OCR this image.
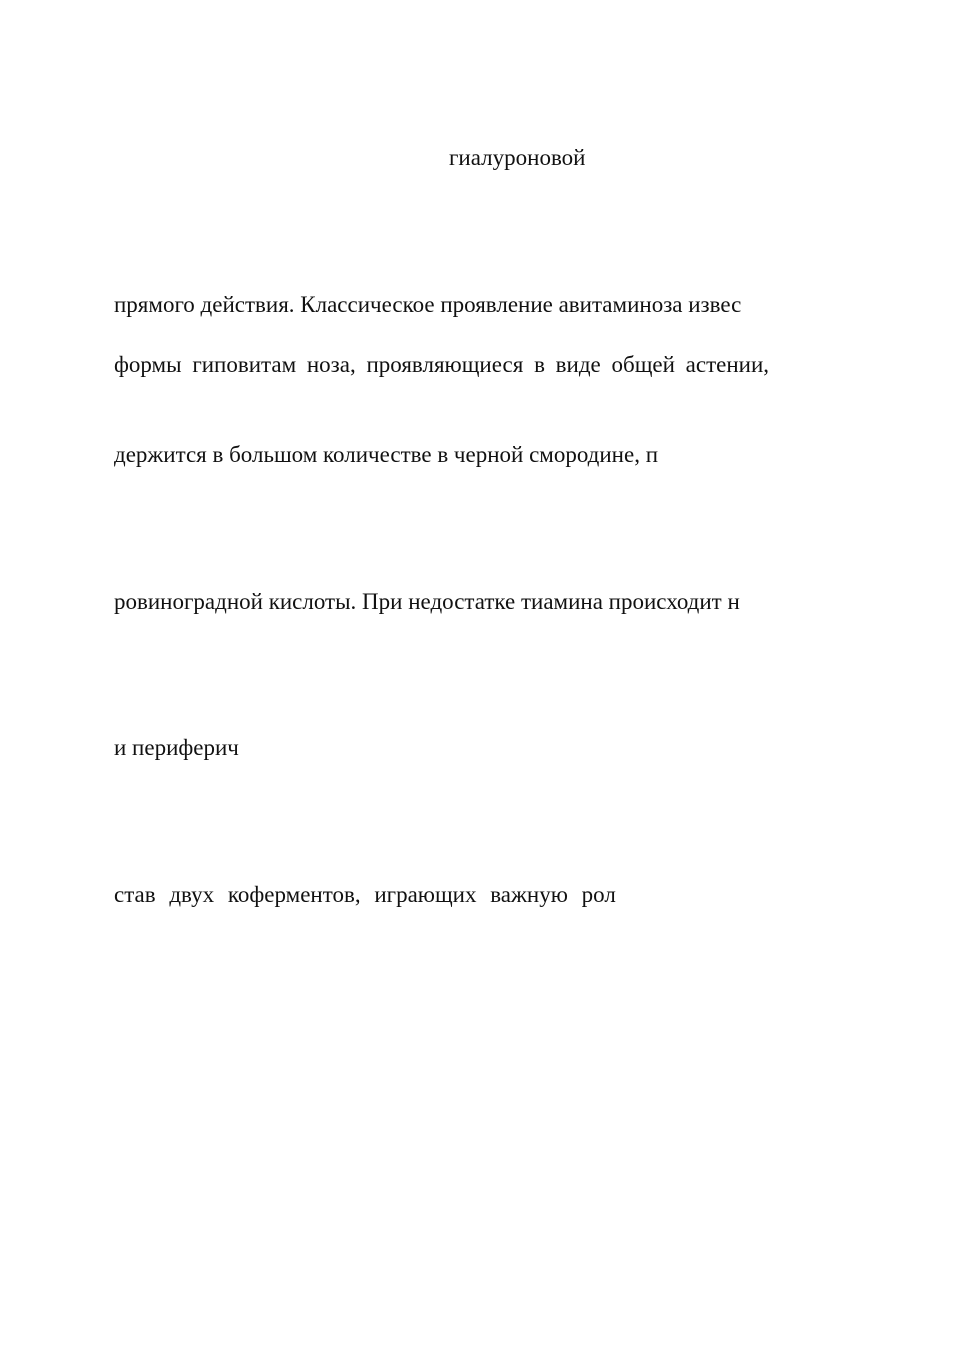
гиалуроновой
прямого действия. Классическое проявление авитаминоза извес
формы гиповитам ноза, проявляющиеся в виде общей астении,
держится в большом количестве в черной смородине, п
ровиноградной кислоты. При недостатке тиамина происходит н
и периферич
став двух коферментов, играющих важную рол
